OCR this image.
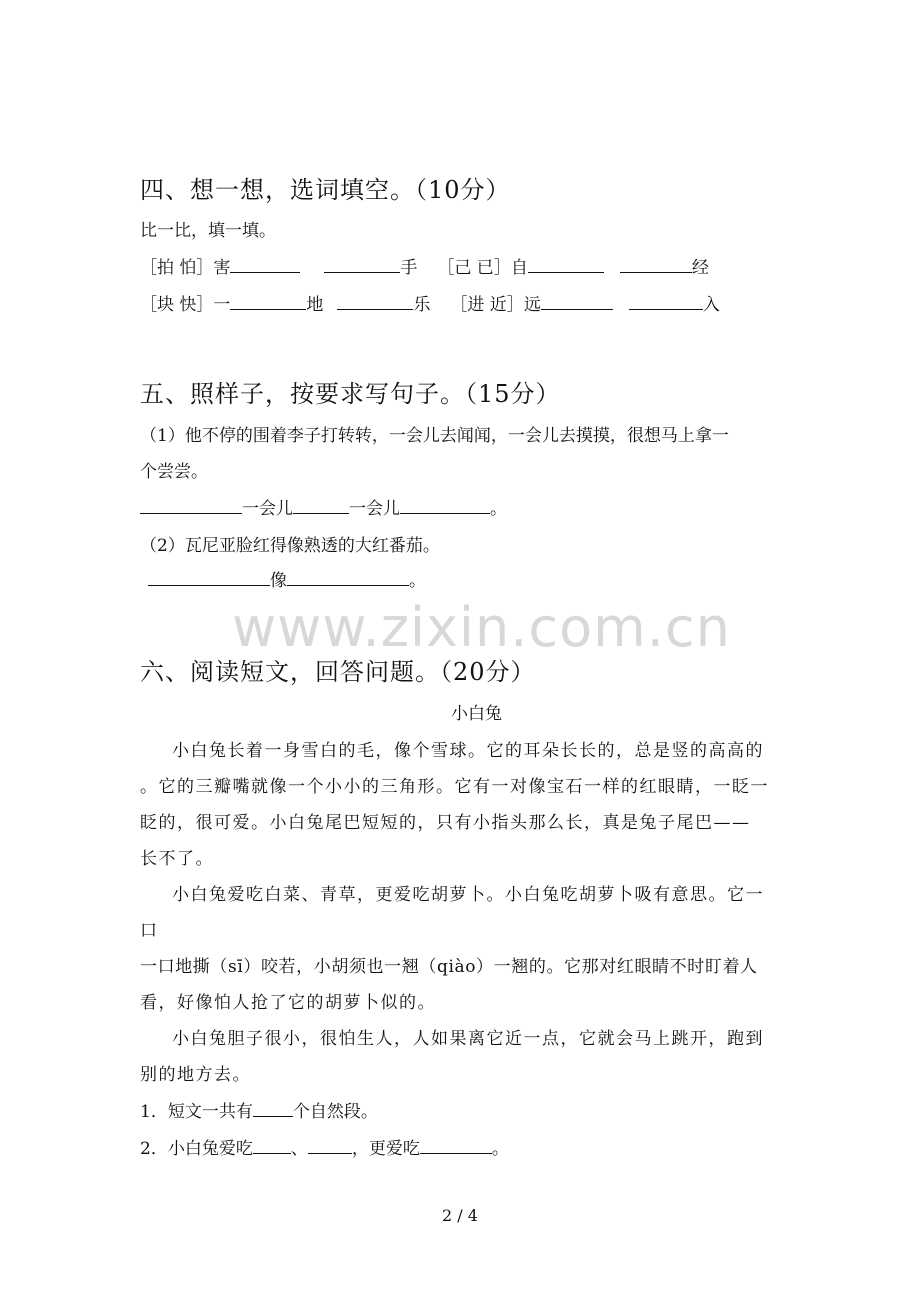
四、想一想，选词填空。（10分）
比一比，填一填。
［拍 怕］害	手 ［己 已］自	经
［块 快］一	地	乐 ［进 近］远	入
五、照样子，按要求写句子。（15分）
（1）他不停的围着李子打转转，一会儿去闻闻，一会儿去摸摸，很想马上拿一
个尝尝。
一会儿	一会儿	。
（2）瓦尼亚脸红得像熟透的大红番茄。
像	。
www.zixin.com.cn
六、阅读短文，回答问题。（20分）
小白兔
小白兔长着一身雪白的毛，像个雪球。它的耳朵长长的，总是竖的高高的
。它的三瓣嘴就像一个小小的三角形。它有一对像宝石一样的红眼睛，一眨一
眨的，很可爱。小白兔尾巴短短的，只有小指头那么长，真是兔子尾巴——
长不了。
小白兔爱吃白菜、青草，更爱吃胡萝卜。小白兔吃胡萝卜吸有意思。它一
口
一口地撕（sī）咬若，小胡须也一翘（qiào）一翘的。它那对红眼睛不时盯着人
看，好像怕人抢了它的胡萝卜似的。
小白兔胆子很小，很怕生人，人如果离它近一点，它就会马上跳开，跑到
别的地方去。
1．短文一共有 个自然段。
2．小白兔爱吃 、	，更爱吃	。
2 / 4
